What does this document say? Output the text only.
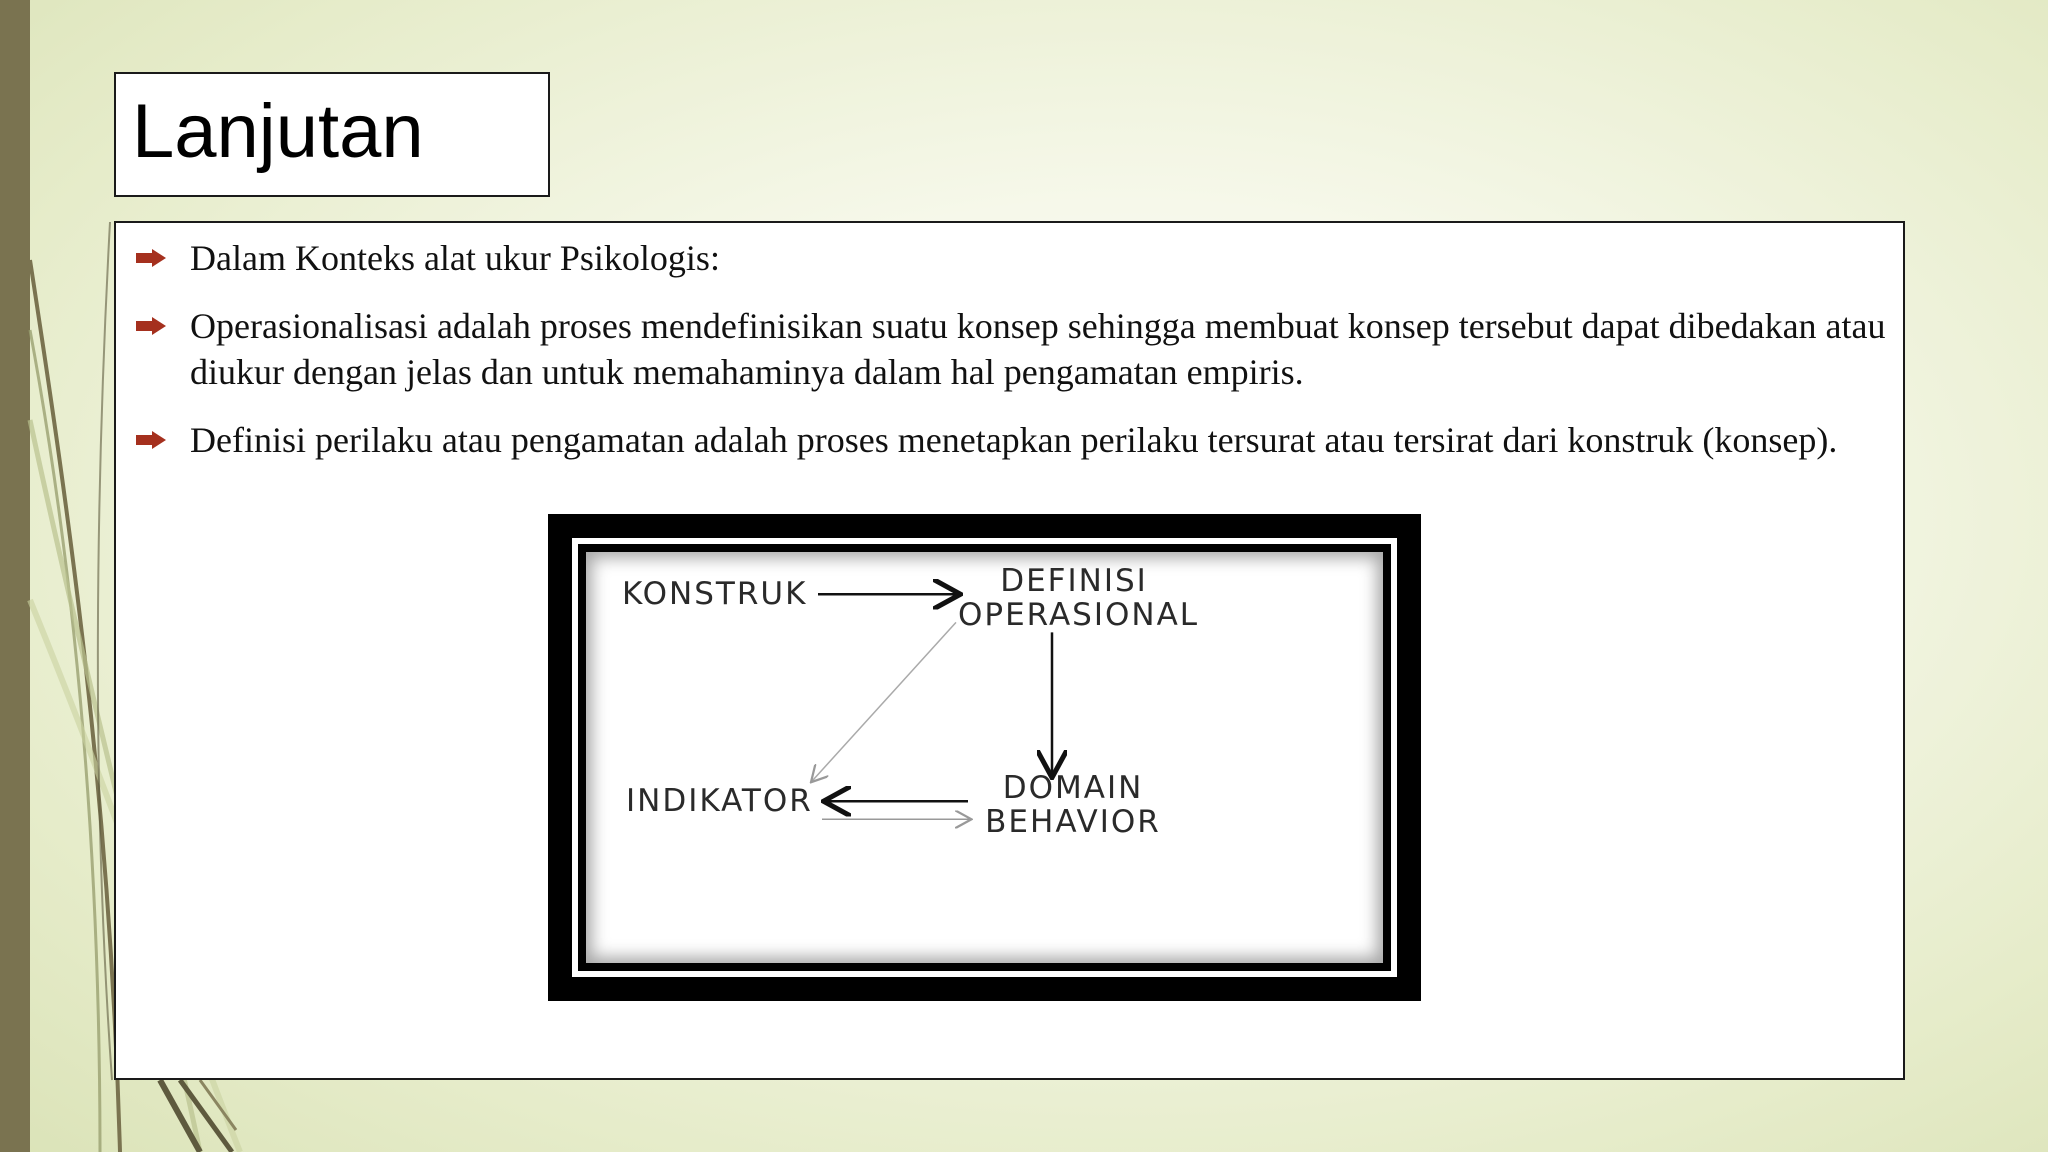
Lanjutan
Dalam Konteks alat ukur Psikologis:
Operasionalisasi adalah proses mendefinisikan suatu konsep sehingga membuat konsep tersebut dapat dibedakan atau diukur dengan jelas dan untuk memahaminya dalam hal pengamatan empiris.
Definisi perilaku atau pengamatan adalah proses menetapkan perilaku tersurat atau tersirat dari konstruk (konsep).
KONSTRUK	DEFINISI
OPERASIONAL
INDIKATOR	DOMAIN
BEHAVIOR
